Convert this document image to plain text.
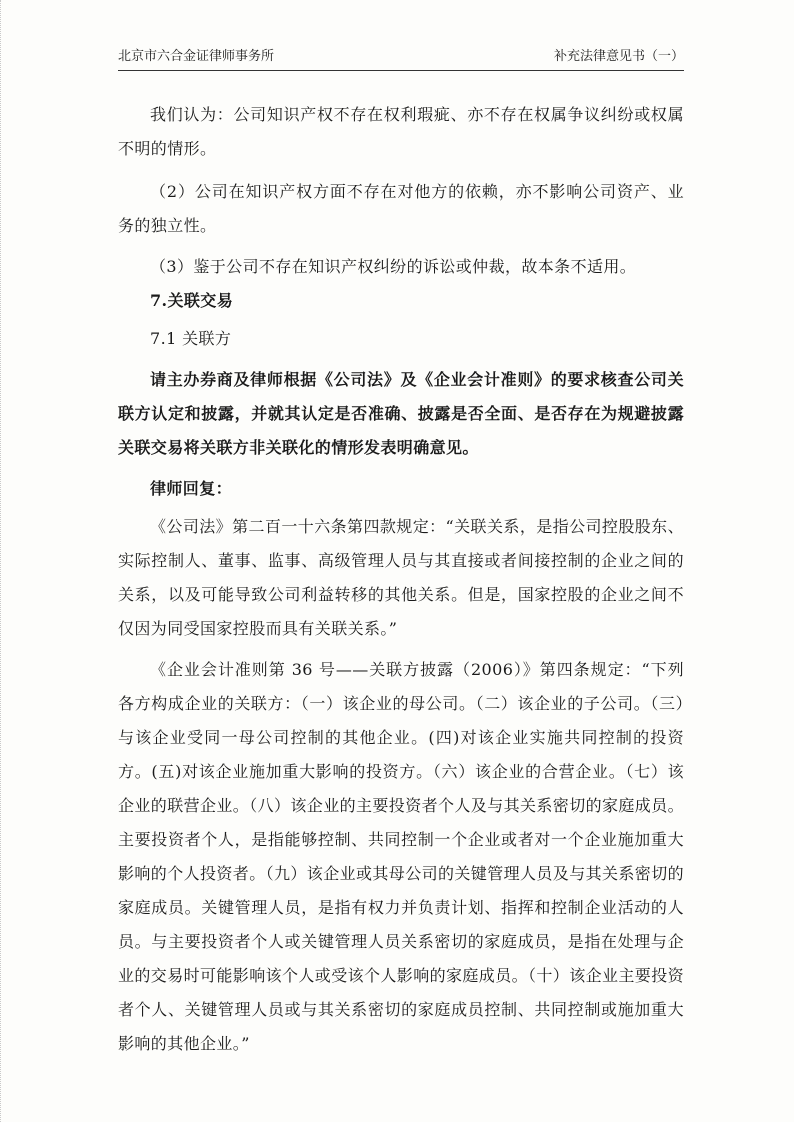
北京市六合金证律师事务所	补充法律意见书（一）

我们认为：公司知识产权不存在权利瑕疵、亦不存在权属争议纠纷或权属不明的情形。

（2）公司在知识产权方面不存在对他方的依赖，亦不影响公司资产、业务的独立性。

（3）鉴于公司不存在知识产权纠纷的诉讼或仲裁，故本条不适用。

7.关联交易

7.1 关联方

请主办券商及律师根据《公司法》及《企业会计准则》的要求核查公司关联方认定和披露，并就其认定是否准确、披露是否全面、是否存在为规避披露关联交易将关联方非关联化的情形发表明确意见。

律师回复：

《公司法》第二百一十六条第四款规定：“关联关系，是指公司控股股东、实际控制人、董事、监事、高级管理人员与其直接或者间接控制的企业之间的关系，以及可能导致公司利益转移的其他关系。但是，国家控股的企业之间不仅因为同受国家控股而具有关联关系。”

《企业会计准则第 36 号——关联方披露（2006）》第四条规定：“下列各方构成企业的关联方：（一）该企业的母公司。（二）该企业的子公司。（三）与该企业受同一母公司控制的其他企业。(四)对该企业实施共同控制的投资方。(五)对该企业施加重大影响的投资方。（六）该企业的合营企业。（七）该企业的联营企业。（八）该企业的主要投资者个人及与其关系密切的家庭成员。主要投资者个人，是指能够控制、共同控制一个企业或者对一个企业施加重大影响的个人投资者。（九）该企业或其母公司的关键管理人员及与其关系密切的家庭成员。关键管理人员，是指有权力并负责计划、指挥和控制企业活动的人员。与主要投资者个人或关键管理人员关系密切的家庭成员，是指在处理与企业的交易时可能影响该个人或受该个人影响的家庭成员。（十）该企业主要投资者个人、关键管理人员或与其关系密切的家庭成员控制、共同控制或施加重大影响的其他企业。”
